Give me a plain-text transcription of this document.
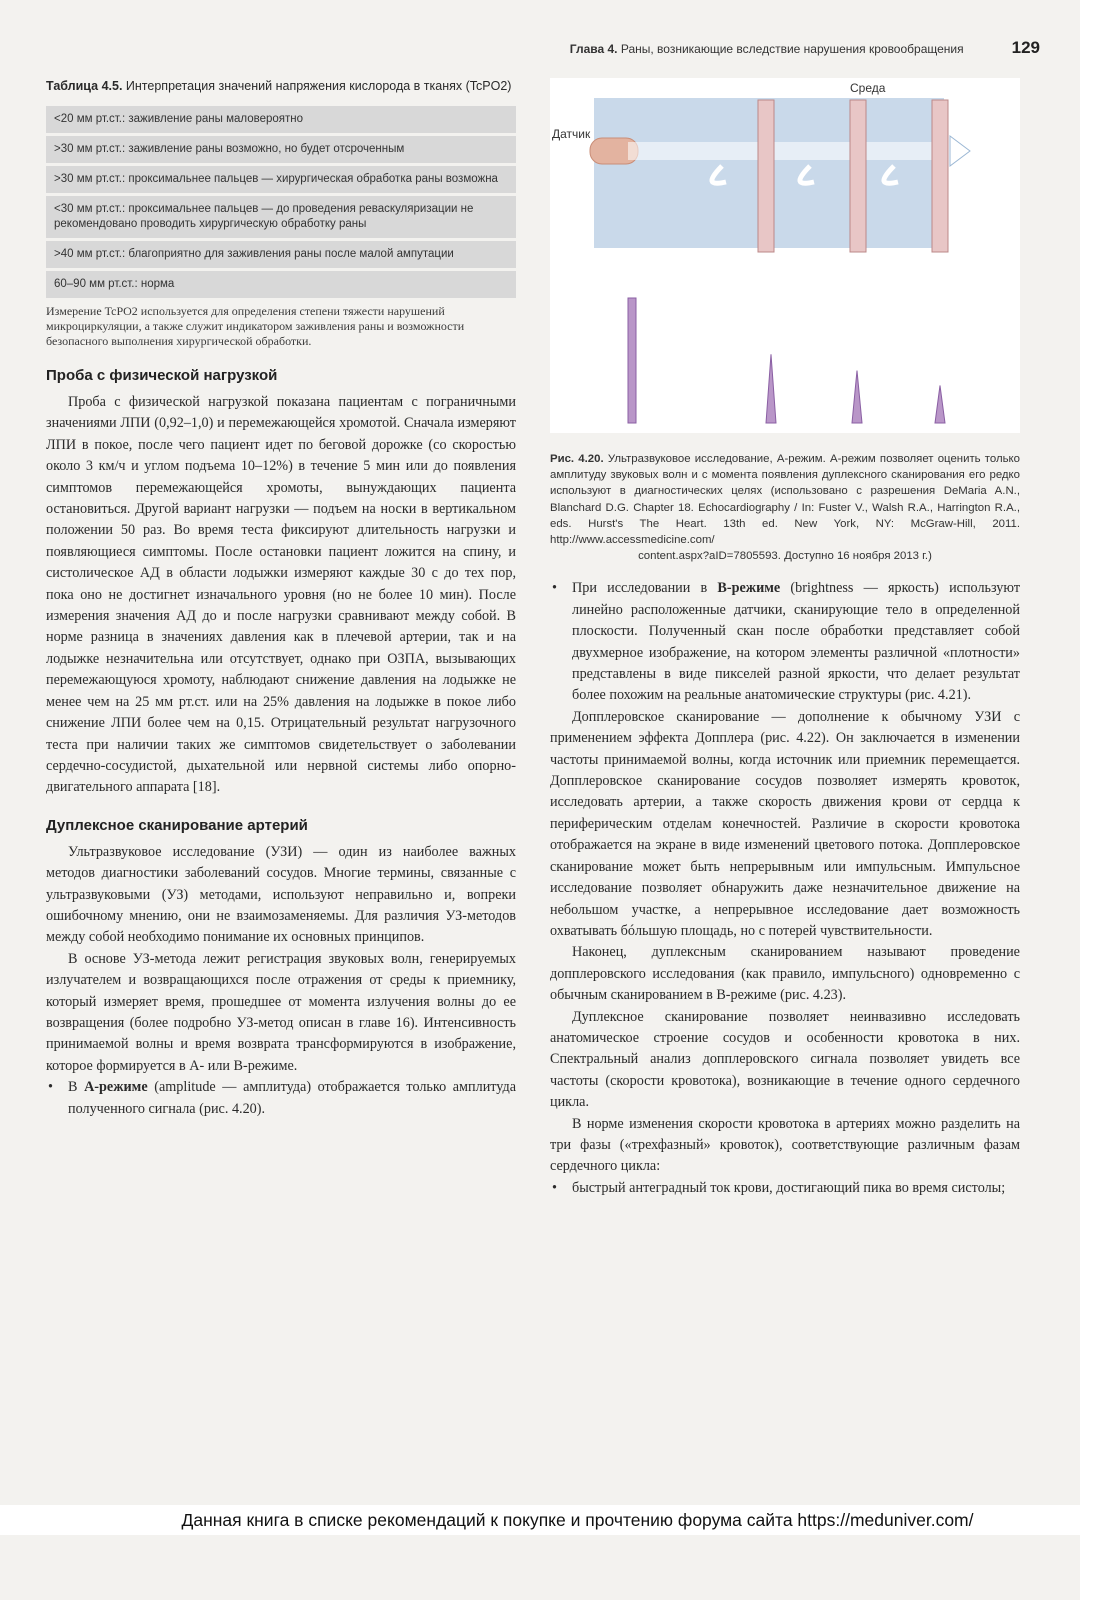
Глава 4. Раны, возникающие вследствие нарушения кровообращения	129
Таблица 4.5. Интерпретация значений напряжения кислорода в тканях (TcPO2)
<20 мм рт.ст.: заживление раны маловероятно
>30 мм рт.ст.: заживление раны возможно, но будет отсроченным
>30 мм рт.ст.: проксимальнее пальцев — хирургическая обработка раны возможна
<30 мм рт.ст.: проксимальнее пальцев — до проведения реваскуляризации не рекомендовано проводить хирургическую обработку раны
>40 мм рт.ст.: благоприятно для заживления раны после малой ампутации
60–90 мм рт.ст.: норма
Измерение TcPO2 используется для определения степени тяжести нарушений микроциркуляции, а также служит индикатором заживления раны и возможности безопасного выполнения хирургической обработки.
Проба с физической нагрузкой

Проба с физической нагрузкой показана пациентам с пограничными значениями ЛПИ (0,92–1,0) и перемежающейся хромотой. Сначала измеряют ЛПИ в покое, после чего пациент идет по беговой дорожке (со скоростью около 3 км/ч и углом подъема 10–12%) в течение 5 мин или до появления симптомов перемежающейся хромоты, вынуждающих пациента остановиться. Другой вариант нагрузки — подъем на носки в вертикальном положении 50 раз. Во время теста фиксируют длительность нагрузки и появляющиеся симптомы. После остановки пациент ложится на спину, и систолическое АД в области лодыжки измеряют каждые 30 с до тех пор, пока оно не достигнет изначального уровня (но не более 10 мин). После измерения значения АД до и после нагрузки сравнивают между собой. В норме разница в значениях давления как в плечевой артерии, так и на лодыжке незначительна или отсутствует, однако при ОЗПА, вызывающих перемежающуюся хромоту, наблюдают снижение давления на лодыжке не менее чем на 25 мм рт.ст. или на 25% давления на лодыжке в покое либо снижение ЛПИ более чем на 0,15. Отрицательный результат нагрузочного теста при наличии таких же симптомов свидетельствует о заболевании сердечно-сосудистой, дыхательной или нервной системы либо опорно-двигательного аппарата [18].

Дуплексное сканирование артерий

Ультразвуковое исследование (УЗИ) — один из наиболее важных методов диагностики заболеваний сосудов. Многие термины, связанные с ультразвуковыми (УЗ) методами, используют неправильно и, вопреки ошибочному мнению, они не взаимозаменяемы. Для различия УЗ-методов между собой необходимо понимание их основных принципов.

В основе УЗ-метода лежит регистрация звуковых волн, генерируемых излучателем и возвращающихся после отражения от среды к приемнику, который измеряет время, прошедшее от момента излучения волны до ее возвращения (более подробно УЗ-метод описан в главе 16). Интенсивность принимаемой волны и время возврата трансформируются в изображение, которое формируется в А- или В-режиме.

• В А-режиме (amplitude — амплитуда) отображается только амплитуда полученного сигнала (рис. 4.20).

Среда
Датчик
Рис. 4.20. Ультразвуковое исследование, А-режим. А-режим позволяет оценить только амплитуду звуковых волн и с момента появления дуплексного сканирования его редко используют в диагностических целях (использовано с разрешения DeMaria A.N., Blanchard D.G. Chapter 18. Echocardiography / In: Fuster V., Walsh R.A., Harrington R.A., eds. Hurst's The Heart. 13th ed. New York, NY: McGraw-Hill, 2011. http://www.accessmedicine.com/
content.aspx?aID=7805593. Доступно 16 ноября 2013 г.)

• При исследовании в В-режиме (brightness — яркость) используют линейно расположенные датчики, сканирующие тело в определенной плоскости. Полученный скан после обработки представляет собой двухмерное изображение, на котором элементы различной «плотности» представлены в виде пикселей разной яркости, что делает результат более похожим на реальные анатомические структуры (рис. 4.21).

Допплеровское сканирование — дополнение к обычному УЗИ с применением эффекта Допплера (рис. 4.22). Он заключается в изменении частоты принимаемой волны, когда источник или приемник перемещается. Допплеровское сканирование сосудов позволяет измерять кровоток, исследовать артерии, а также скорость движения крови от сердца к периферическим отделам конечностей. Различие в скорости кровотока отображается на экране в виде изменений цветового потока. Допплеровское сканирование может быть непрерывным или импульсным. Импульсное исследование позволяет обнаружить даже незначительное движение на небольшом участке, а непрерывное исследование дает возможность охватывать бóльшую площадь, но с потерей чувствительности.

Наконец, дуплексным сканированием называют проведение допплеровского исследования (как правило, импульсного) одновременно с обычным сканированием в В-режиме (рис. 4.23).

Дуплексное сканирование позволяет неинвазивно исследовать анатомическое строение сосудов и особенности кровотока в них. Спектральный анализ допплеровского сигнала позволяет увидеть все частоты (скорости кровотока), возникающие в течение одного сердечного цикла.

В норме изменения скорости кровотока в артериях можно разделить на три фазы («трехфазный» кровоток), соответствующие различным фазам сердечного цикла:

• быстрый антеградный ток крови, достигающий пика во время систолы;

Данная книга в списке рекомендаций к покупке и прочтению форума сайта https://meduniver.com/
